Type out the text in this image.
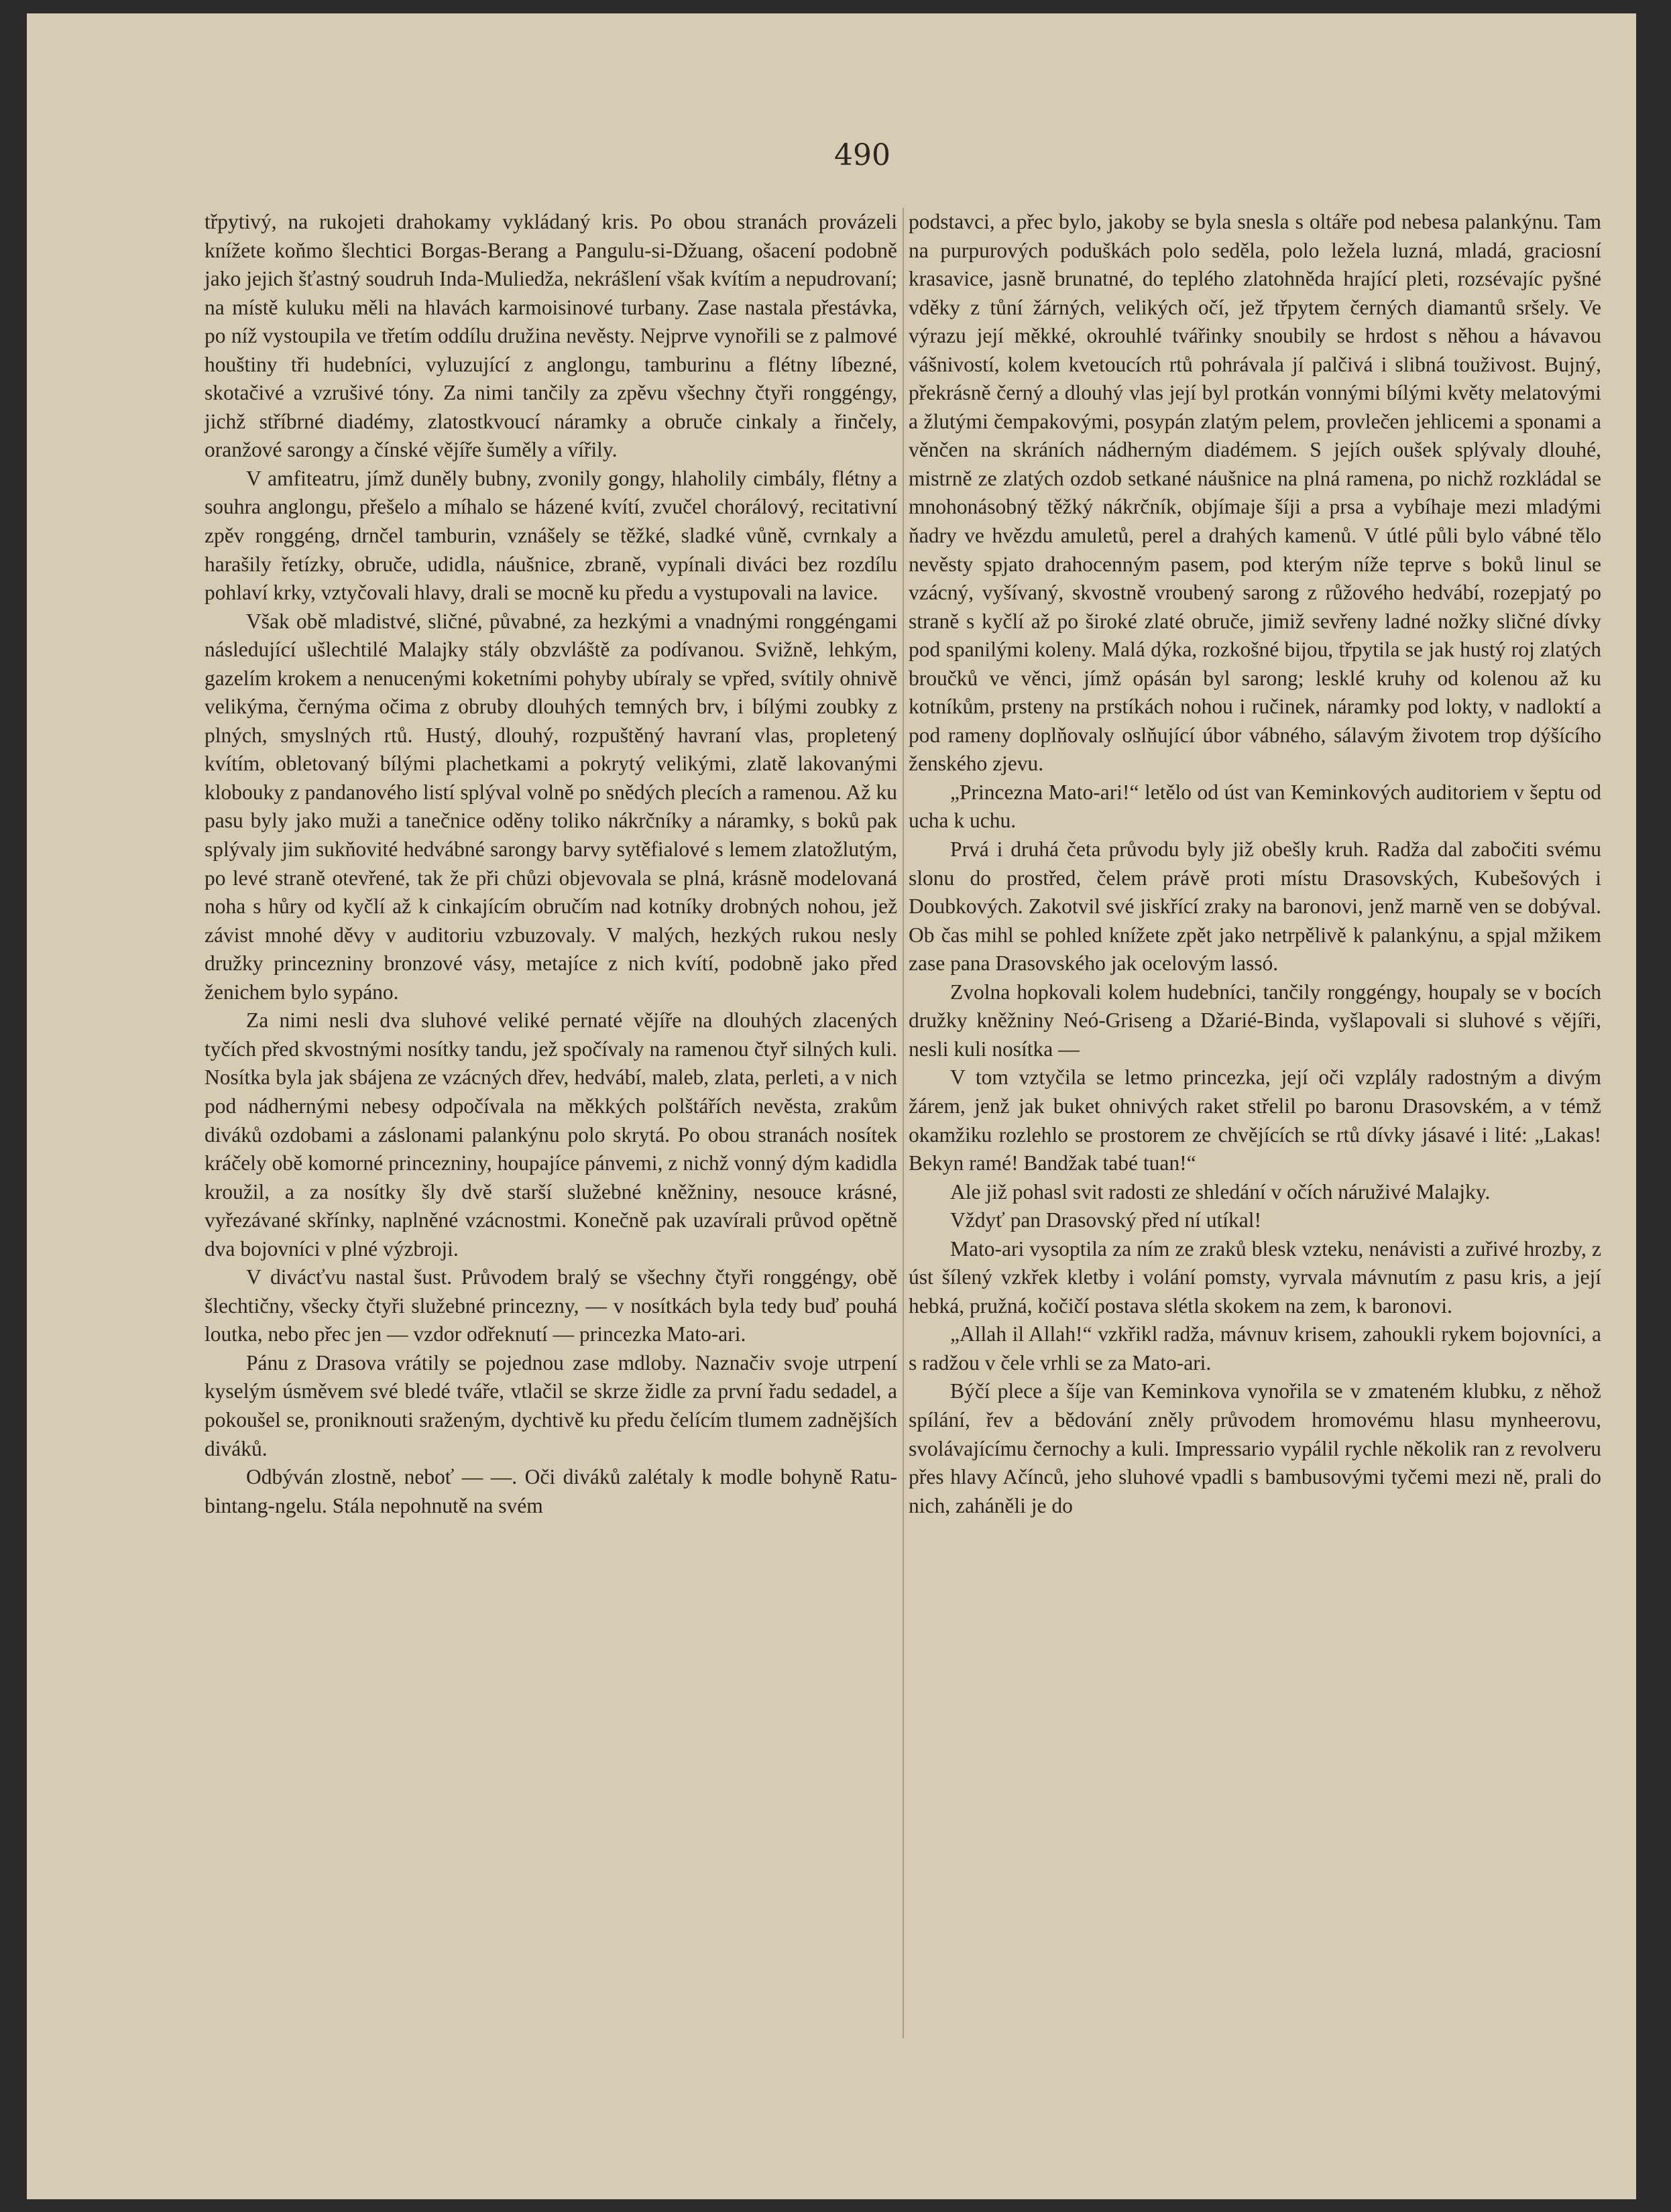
490

třpytivý, na rukojeti drahokamy vykládaný kris. Po obou stranách provázeli knížete koňmo šlechtici Borgas-Berang a Pangulu-si-Džuang, ošacení podobně jako jejich šťastný soudruh Inda-Muliedža, nekrášlení však kvítím a nepudrovaní; na místě kuluku měli na hlavách karmoisinové turbany. Zase nastala přestávka, po níž vystoupila ve třetím oddílu družina nevěsty. Nejprve vynořili se z palmové houštiny tři hudebníci, vyluzující z anglongu, tamburinu a flétny líbezné, skotačivé a vzrušivé tóny. Za nimi tančily za zpěvu všechny čtyři ronggéngy, jichž stříbrné diadémy, zlatostkvoucí náramky a obruče cinkaly a řinčely, oranžové sarongy a čínské vějíře šuměly a vířily.

V amfiteatru, jímž duněly bubny, zvonily gongy, hlaholily cimbály, flétny a souhra anglongu, přešelo a míhalo se házené kvítí, zvučel chorálový, recitativní zpěv ronggéng, drnčel tamburin, vznášely se těžké, sladké vůně, cvrnkaly a harašily řetízky, obruče, udidla, náušnice, zbraně, vypínali diváci bez rozdílu pohlaví krky, vztyčovali hlavy, drali se mocně ku předu a vystupovali na lavice.

Však obě mladistvé, sličné, půvabné, za hezkými a vnadnými ronggéngami následující ušlechtilé Malajky stály obzvláště za podívanou. Svižně, lehkým, gazelím krokem a nenucenými koketními pohyby ubíraly se vpřed, svítily ohnivě velikýma, černýma očima z obruby dlouhých temných brv, i bílými zoubky z plných, smyslných rtů. Hustý, dlouhý, rozpuštěný havraní vlas, propletený kvítím, obletovaný bílými plachetkami a pokrytý velikými, zlatě lakovanými klobouky z pandanového listí splýval volně po snědých plecích a ramenou. Až ku pasu byly jako muži a tanečnice oděny toliko nákrčníky a náramky, s boků pak splývaly jim sukňovité hedvábné sarongy barvy sytěfialové s lemem zlatožlutým, po levé straně otevřené, tak že při chůzi objevovala se plná, krásně modelovaná noha s hůry od kyčlí až k cinkajícím obručím nad kotníky drobných nohou, jež závist mnohé děvy v auditoriu vzbuzovaly. V malých, hezkých rukou nesly družky princezniny bronzové vásy, metajíce z nich kvítí, podobně jako před ženichem bylo sypáno.

Za nimi nesli dva sluhové veliké pernaté vějíře na dlouhých zlacených tyčích před skvostnými nosítky tandu, jež spočívaly na ramenou čtyř silných kuli. Nosítka byla jak sbájena ze vzácných dřev, hedvábí, maleb, zlata, perleti, a v nich pod nádhernými nebesy odpočívala na měkkých polštářích nevěsta, zrakům diváků ozdobami a záslonami palankýnu polo skrytá. Po obou stranách nosítek kráčely obě komorné princezniny, houpajíce pánvemi, z nichž vonný dým kadidla kroužil, a za nosítky šly dvě starší služebné kněžniny, nesouce krásné, vyřezávané skřínky, naplněné vzácnostmi. Konečně pak uzavírali průvod opětně dva bojovníci v plné výzbroji.

V divácťvu nastal šust. Průvodem bralý se všechny čtyři ronggéngy, obě šlechtičny, všecky čtyři služebné princezny, — v nosítkách byla tedy buď pouhá loutka, nebo přec jen — vzdor odřeknutí — princezka Mato-ari.

Pánu z Drasova vrátily se pojednou zase mdloby. Naznačiv svoje utrpení kyselým úsměvem své bledé tváře, vtlačil se skrze židle za první řadu sedadel, a pokoušel se, proniknouti sraženým, dychtivě ku předu čelícím tlumem zadnějších diváků.

Odbýván zlostně, neboť — —. Oči diváků zalétaly k modle bohyně Ratu-bintang-ngelu. Stála nepohnutě na svém

podstavci, a přec bylo, jakoby se byla snesla s oltáře pod nebesa palankýnu. Tam na purpurových poduškách polo seděla, polo ležela luzná, mladá, graciosní krasavice, jasně brunatné, do teplého zlatohněda hrající pleti, rozsévajíc pyšné vděky z tůní žárných, velikých očí, jež třpytem černých diamantů sršely. Ve výrazu její měkké, okrouhlé tvářinky snoubily se hrdost s něhou a hávavou vášnivostí, kolem kvetoucích rtů pohrávala jí palčivá i slibná touživost. Bujný, překrásně černý a dlouhý vlas její byl protkán vonnými bílými květy melatovými a žlutými čempakovými, posypán zlatým pelem, provlečen jehlicemi a sponami a věnčen na skráních nádherným diadémem. S jejích oušek splývaly dlouhé, mistrně ze zlatých ozdob setkané náušnice na plná ramena, po nichž rozkládal se mnohonásobný těžký nákrčník, objímaje šíji a prsa a vybíhaje mezi mladými ňadry ve hvězdu amuletů, perel a drahých kamenů. V útlé půli bylo vábné tělo nevěsty spjato drahocenným pasem, pod kterým níže teprve s boků linul se vzácný, vyšívaný, skvostně vroubený sarong z růžového hedvábí, rozepjatý po straně s kyčlí až po široké zlaté obruče, jimiž sevřeny ladné nožky sličné dívky pod spanilými koleny. Malá dýka, rozkošné bijou, třpytila se jak hustý roj zlatých broučků ve věnci, jímž opásán byl sarong; lesklé kruhy od kolenou až ku kotníkům, prsteny na prstíkách nohou i ručinek, náramky pod lokty, v nadloktí a pod rameny doplňovaly oslňující úbor vábného, sálavým životem trop dýšícího ženského zjevu.

„Princezna Mato-ari!“ letělo od úst van Keminkových auditoriem v šeptu od ucha k uchu.

Prvá i druhá četa průvodu byly již obešly kruh. Radža dal zabočiti svému slonu do prostřed, čelem právě proti místu Drasovských, Kubešových i Doubkových. Zakotvil své jiskřící zraky na baronovi, jenž marně ven se dobýval. Ob čas mihl se pohled knížete zpět jako netrpělivě k palankýnu, a spjal mžikem zase pana Drasovského jak ocelovým lassó.

Zvolna hopkovali kolem hudebníci, tančily ronggéngy, houpaly se v bocích družky kněžniny Neó-Griseng a Džarié-Binda, vyšlapovali si sluhové s vějíři, nesli kuli nosítka —

V tom vztyčila se letmo princezka, její oči vzplály radostným a divým žárem, jenž jak buket ohnivých raket střelil po baronu Drasovském, a v témž okamžiku rozlehlo se prostorem ze chvějících se rtů dívky jásavé i lité: „Lakas! Bekyn ramé! Bandžak tabé tuan!“

Ale již pohasl svit radosti ze shledání v očích náruživé Malajky.

Vždyť pan Drasovský před ní utíkal!

Mato-ari vysoptila za ním ze zraků blesk vzteku, nenávisti a zuřivé hrozby, z úst šílený vzkřek kletby i volání pomsty, vyrvala mávnutím z pasu kris, a její hebká, pružná, kočičí postava slétla skokem na zem, k baronovi.

„Allah il Allah!“ vzkřikl radža, mávnuv krisem, zahoukli rykem bojovníci, a s radžou v čele vrhli se za Mato-ari.

Býčí plece a šíje van Keminkova vynořila se v zmateném klubku, z něhož spílání, řev a bědování zněly průvodem hromovému hlasu mynheerovu, svolávajícímu černochy a kuli. Impressario vypálil rychle několik ran z revolveru přes hlavy Ačínců, jeho sluhové vpadli s bambusovými tyčemi mezi ně, prali do nich, zaháněli je do
